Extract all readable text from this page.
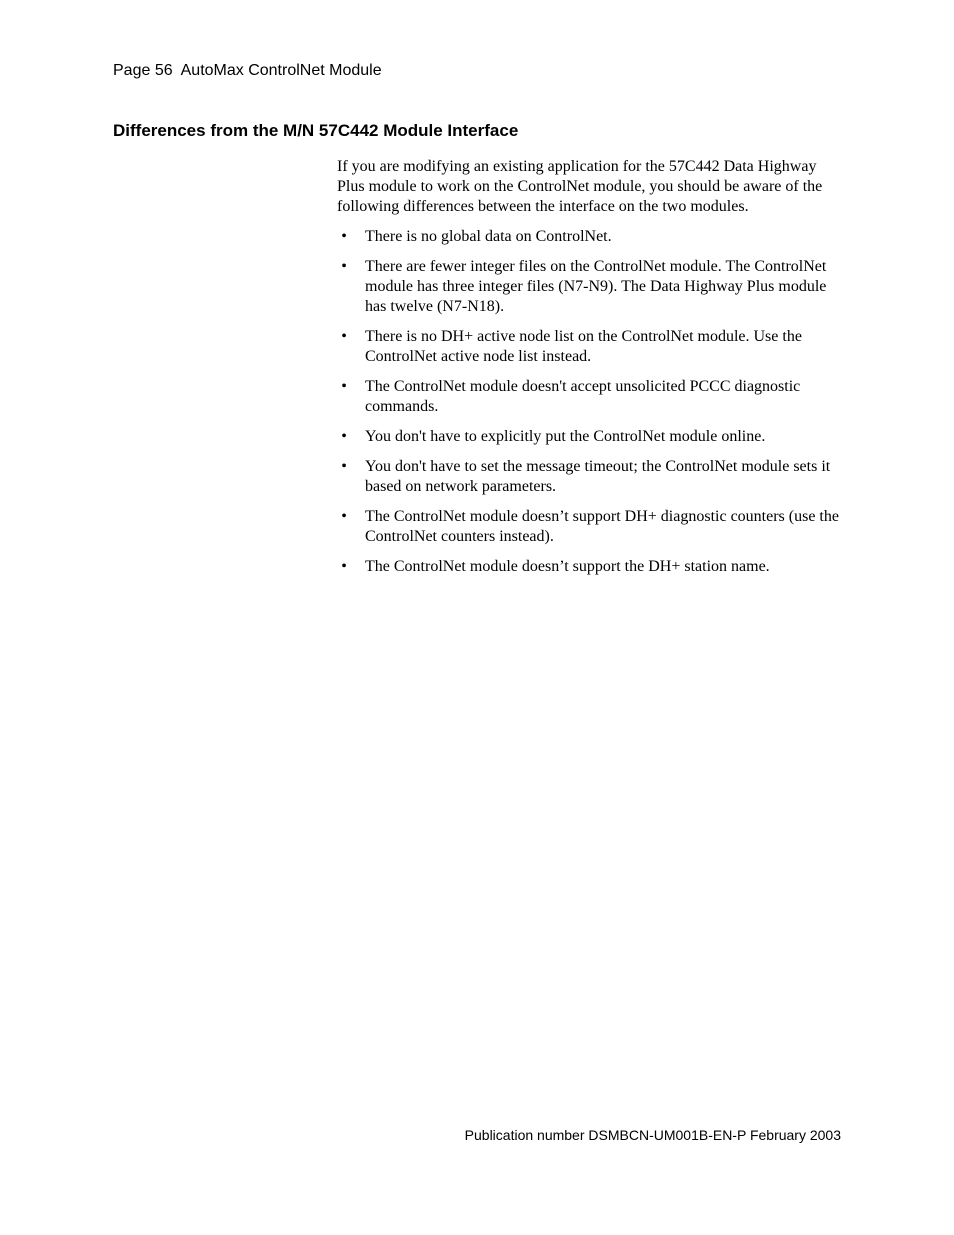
Page 56  AutoMax ControlNet Module
Differences from the M/N 57C442 Module Interface

If you are modifying an existing application for the 57C442 Data Highway Plus module to work on the ControlNet module, you should be aware of the following differences between the interface on the two modules.

• There is no global data on ControlNet.
• There are fewer integer files on the ControlNet module. The ControlNet module has three integer files (N7-N9). The Data Highway Plus module has twelve (N7-N18).
• There is no DH+ active node list on the ControlNet module. Use the ControlNet active node list instead.
• The ControlNet module doesn't accept unsolicited PCCC diagnostic commands.
• You don't have to explicitly put the ControlNet module online.
• You don't have to set the message timeout; the ControlNet module sets it based on network parameters.
• The ControlNet module doesn’t support DH+ diagnostic counters (use the ControlNet counters instead).
• The ControlNet module doesn’t support the DH+ station name.
Publication number DSMBCN-UM001B-EN-P February 2003
